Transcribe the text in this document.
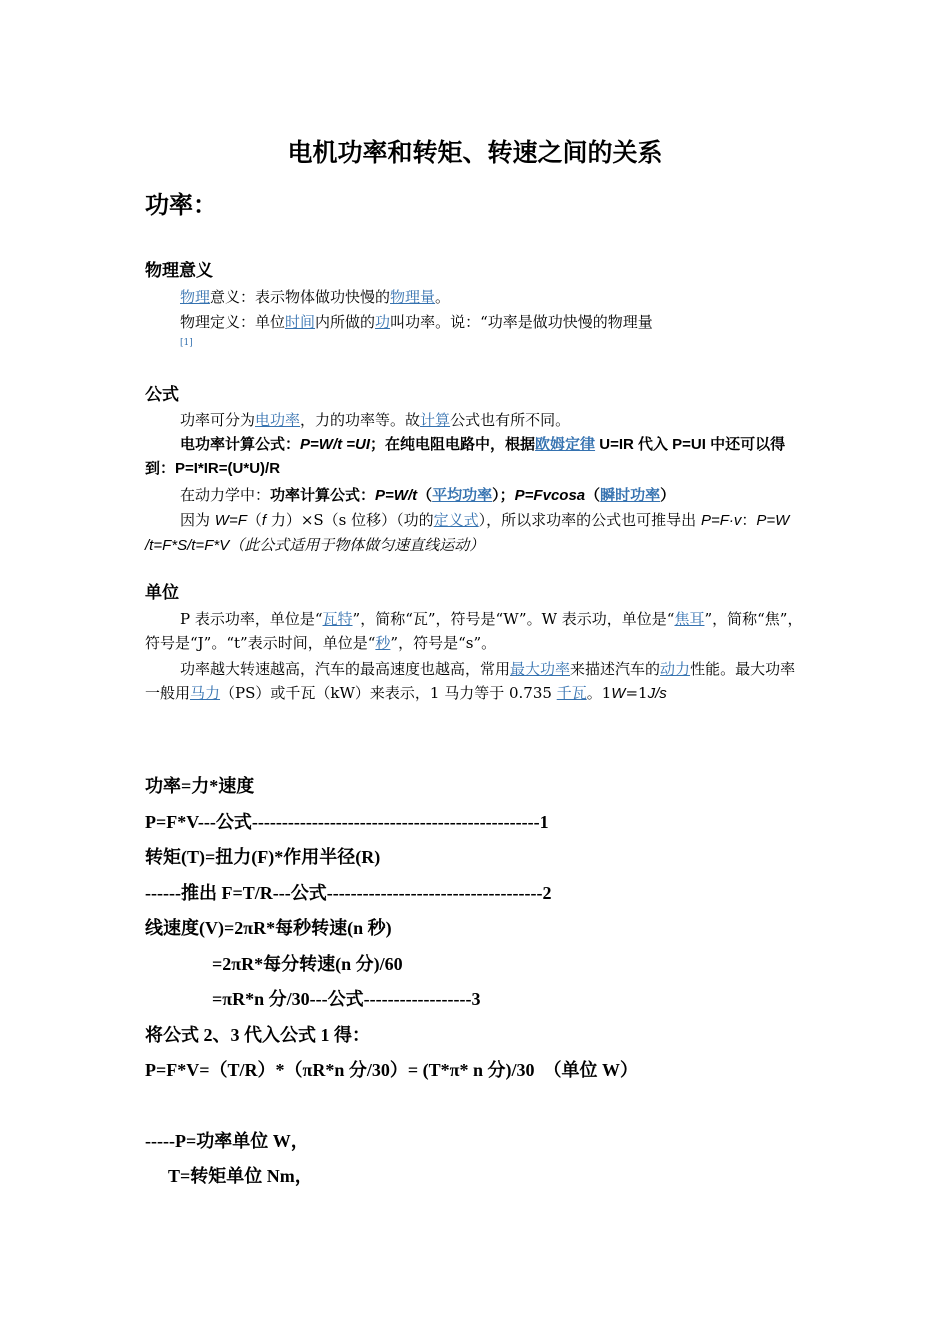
电机功率和转矩、转速之间的关系
功率：
物理意义

物理意义：表示物体做功快慢的物理量。

物理定义：单位时间内所做的功叫功率。说：“功率是做功快慢的物理量

[1]
公式

功率可分为电功率，力的功率等。故计算公式也有所不同。

电功率计算公式：P=W/t =UI；在纯电阻电路中，根据欧姆定律 U=IR 代入 P=UI 中还可以得到：P=I*IR=(U*U)/R

在动力学中：功率计算公式：P=W/t（平均功率）；P=Fvcosa（瞬时功率）

因为 W=F（f 力）×S（s 位移）（功的定义式），所以求功率的公式也可推导出 P=F·v：P=W /t=F*S/t=F*V（此公式适用于物体做匀速直线运动）

单位

P 表示功率，单位是“瓦特”，简称“瓦”，符号是“W”。W 表示功，单位是“焦耳”，简称“焦”，符号是“J”。“t”表示时间，单位是“秒”，符号是“s”。

功率越大转速越高，汽车的最高速度也越高，常用最大功率来描述汽车的动力性能。最大功率一般用马力（PS）或千瓦（kW）来表示，1 马力等于 0.735 千瓦。1W=1J/s

功率=力*速度

P=F*V---公式------------------------------------------------1

转矩(T)=扭力(F)*作用半径(R)

------推出 F=T/R---公式------------------------------------2

线速度(V)=2πR*每秒转速(n 秒)

=2πR*每分转速(n 分)/60

=πR*n 分/30---公式------------------3

将公式 2、3 代入公式 1 得：

P=F*V=（T/R）*（πR*n 分/30）= (T*π* n 分)/30　（单位 W）

-----P=功率单位 W，

T=转矩单位 Nm，
